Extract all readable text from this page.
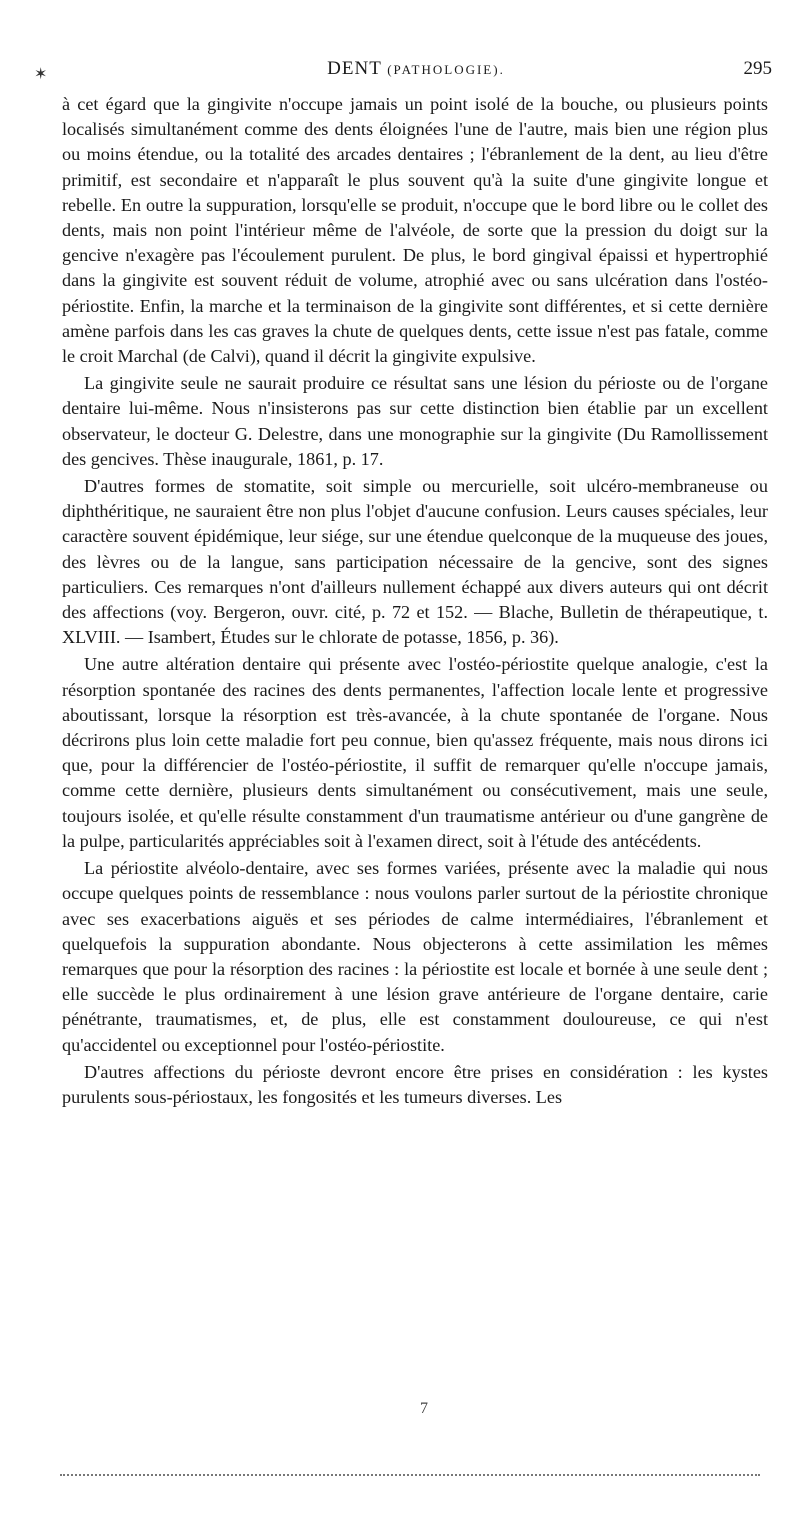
✶	DENT (PATHOLOGIE).	295

à cet égard que la gingivite n'occupe jamais un point isolé de la bouche, ou plusieurs points localisés simultanément comme des dents éloignées l'une de l'autre, mais bien une région plus ou moins étendue, ou la totalité des arcades dentaires ; l'ébranlement de la dent, au lieu d'être primitif, est secondaire et n'apparaît le plus souvent qu'à la suite d'une gingivite longue et rebelle. En outre la suppuration, lorsqu'elle se produit, n'occupe que le bord libre ou le collet des dents, mais non point l'intérieur même de l'alvéole, de sorte que la pression du doigt sur la gencive n'exagère pas l'écoulement purulent. De plus, le bord gingival épaissi et hypertrophié dans la gingivite est souvent réduit de volume, atrophié avec ou sans ulcération dans l'ostéo-périostite. Enfin, la marche et la terminaison de la gingivite sont différentes, et si cette dernière amène parfois dans les cas graves la chute de quelques dents, cette issue n'est pas fatale, comme le croit Marchal (de Calvi), quand il décrit la gingivite expulsive.

La gingivite seule ne saurait produire ce résultat sans une lésion du périoste ou de l'organe dentaire lui-même. Nous n'insisterons pas sur cette distinction bien établie par un excellent observateur, le docteur G. Delestre, dans une monographie sur la gingivite (Du Ramollissement des gencives. Thèse inaugurale, 1861, p. 17.

D'autres formes de stomatite, soit simple ou mercurielle, soit ulcéro-membraneuse ou diphthéritique, ne sauraient être non plus l'objet d'aucune confusion. Leurs causes spéciales, leur caractère souvent épidémique, leur siége, sur une étendue quelconque de la muqueuse des joues, des lèvres ou de la langue, sans participation nécessaire de la gencive, sont des signes particuliers. Ces remarques n'ont d'ailleurs nullement échappé aux divers auteurs qui ont décrit des affections (voy. Bergeron, ouvr. cité, p. 72 et 152. — Blache, Bulletin de thérapeutique, t. XLVIII. — Isambert, Études sur le chlorate de potasse, 1856, p. 36).

Une autre altération dentaire qui présente avec l'ostéo-périostite quelque analogie, c'est la résorption spontanée des racines des dents permanentes, l'affection locale lente et progressive aboutissant, lorsque la résorption est très-avancée, à la chute spontanée de l'organe. Nous décrirons plus loin cette maladie fort peu connue, bien qu'assez fréquente, mais nous dirons ici que, pour la différencier de l'ostéo-périostite, il suffit de remarquer qu'elle n'occupe jamais, comme cette dernière, plusieurs dents simultanément ou consécutivement, mais une seule, toujours isolée, et qu'elle résulte constamment d'un traumatisme antérieur ou d'une gangrène de la pulpe, particularités appréciables soit à l'examen direct, soit à l'étude des antécédents.

La périostite alvéolo-dentaire, avec ses formes variées, présente avec la maladie qui nous occupe quelques points de ressemblance : nous voulons parler surtout de la périostite chronique avec ses exacerbations aiguës et ses périodes de calme intermédiaires, l'ébranlement et quelquefois la suppuration abondante. Nous objecterons à cette assimilation les mêmes remarques que pour la résorption des racines : la périostite est locale et bornée à une seule dent ; elle succède le plus ordinairement à une lésion grave antérieure de l'organe dentaire, carie pénétrante, traumatismes, et, de plus, elle est constamment douloureuse, ce qui n'est qu'accidentel ou exceptionnel pour l'ostéo-périostite.

D'autres affections du périoste devront encore être prises en considération : les kystes purulents sous-périostaux, les fongosités et les tumeurs diverses. Les

7
